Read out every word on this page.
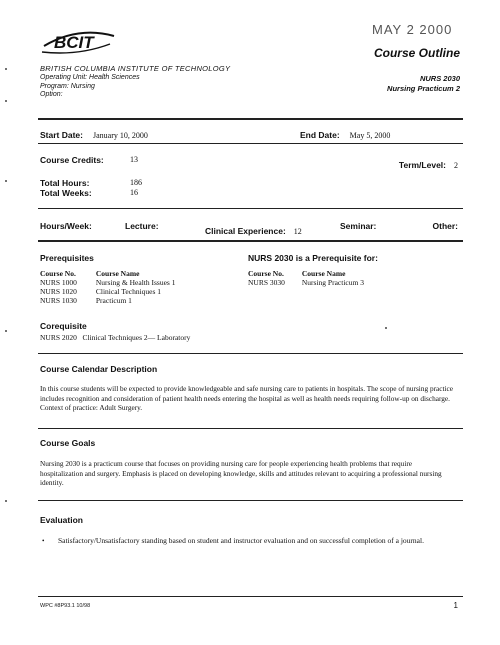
BCIT
MAY 2 2000
Course Outline
BRITISH COLUMBIA INSTITUTE OF TECHNOLOGY
Operating Unit: Health Sciences
Program: Nursing
Option:
NURS 2030
Nursing Practicum 2
Start Date: January 10, 2000	End Date: May 5, 2000
Course Credits:	13
Term/Level: 2
Total Hours:	186
Total Weeks:	16
Hours/Week:	Lecture:	Clinical Experience: 12
Seminar:	Other:
Prerequisites
Course No.	Course Name
NURS 1000	Nursing & Health Issues 1
NURS 1020	Clinical Techniques 1
NURS 1030	Practicum 1
NURS 2030 is a Prerequisite for:
Course No. Course Name
NURS 3030 Nursing Practicum 3
Corequisite
NURS 2020   Clinical Techniques 2— Laboratory
Course Calendar Description
In this course students will be expected to provide knowledgeable and safe nursing care to patients in hospitals. The scope of nursing practice includes recognition and consideration of patient health needs entering the hospital as well as health needs requiring follow-up on discharge. Context of practice: Adult Surgery.
Course Goals
Nursing 2030 is a practicum course that focuses on providing nursing care for people experiencing health problems that require hospitalization and surgery. Emphasis is placed on developing knowledge, skills and attitudes relevant to acquiring a professional nursing identity.
Evaluation
• Satisfactory/Unsatisfactory standing based on student and instructor evaluation and on successful completion of a journal.
WPC #8P93.1 10/98	1
